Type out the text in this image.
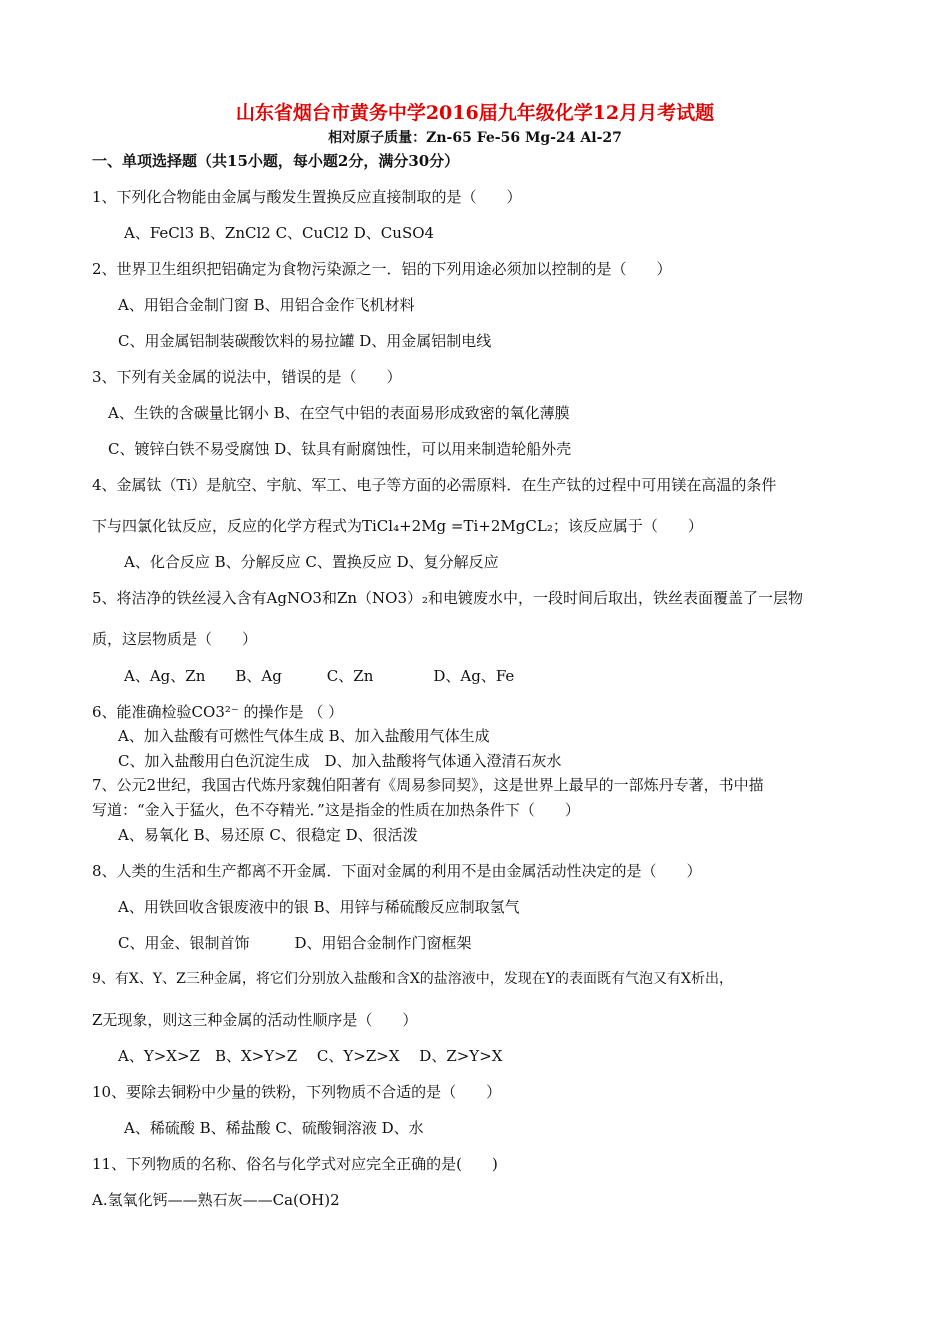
山东省烟台市黄务中学2016届九年级化学12月月考试题
相对原子质量：Zn-65 Fe-56 Mg-24 Al-27
一、单项选择题（共15小题，每小题2分，满分30分）
1、下列化合物能由金属与酸发生置换反应直接制取的是（　　）
A、FeCl3 B、ZnCl2 C、CuCl2 D、CuSO4
2、世界卫生组织把铝确定为食物污染源之一．铝的下列用途必须加以控制的是（　　）
A、用铝合金制门窗 B、用铝合金作飞机材料
C、用金属铝制装碳酸饮料的易拉罐 D、用金属铝制电线
3、下列有关金属的说法中，错误的是（　　）
A、生铁的含碳量比钢小 B、在空气中铝的表面易形成致密的氧化薄膜
C、镀锌白铁不易受腐蚀 D、钛具有耐腐蚀性，可以用来制造轮船外壳
4、金属钛（Ti）是航空、宇航、军工、电子等方面的必需原料．在生产钛的过程中可用镁在高温的条件
下与四氯化钛反应，反应的化学方程式为TiCl₄+2Mg =Ti+2MgCL₂；该反应属于（　　）
A、化合反应 B、分解反应 C、置换反应 D、复分解反应
5、将洁净的铁丝浸入含有AgNO3和Zn（NO3）₂和电镀废水中，一段时间后取出，铁丝表面覆盖了一层物
质，这层物质是（　　）
A、Ag、Zn　　B、Ag　　　C、Zn　　　　D、Ag、Fe
6、能准确检验CO3²⁻ 的操作是 （ ）
A、加入盐酸有可燃性气体生成 B、加入盐酸用气体生成
C、加入盐酸用白色沉淀生成　D、加入盐酸将气体通入澄清石灰水
7、公元2世纪，我国古代炼丹家魏伯阳著有《周易参同契》，这是世界上最早的一部炼丹专著，书中描
写道：“金入于猛火，色不夺精光．”这是指金的性质在加热条件下（　　）
A、易氧化 B、易还原 C、很稳定 D、很活泼
8、人类的生活和生产都离不开金属．下面对金属的利用不是由金属活动性决定的是（　　）
A、用铁回收含银废液中的银 B、用锌与稀硫酸反应制取氢气
C、用金、银制首饰　　　D、用铝合金制作门窗框架
9、有X、Y、Z三种金属，将它们分别放入盐酸和含X的盐溶液中，发现在Y的表面既有气泡又有X析出，
Z无现象，则这三种金属的活动性顺序是（　　）
A、Y>X>Z　B、X>Y>Z　 C、Y>Z>X　 D、Z>Y>X
10、要除去铜粉中少量的铁粉，下列物质不合适的是（　　）
A、稀硫酸 B、稀盐酸 C、硫酸铜溶液 D、水
11、下列物质的名称、俗名与化学式对应完全正确的是(　　)
A.氢氧化钙——熟石灰——Ca(OH)2
